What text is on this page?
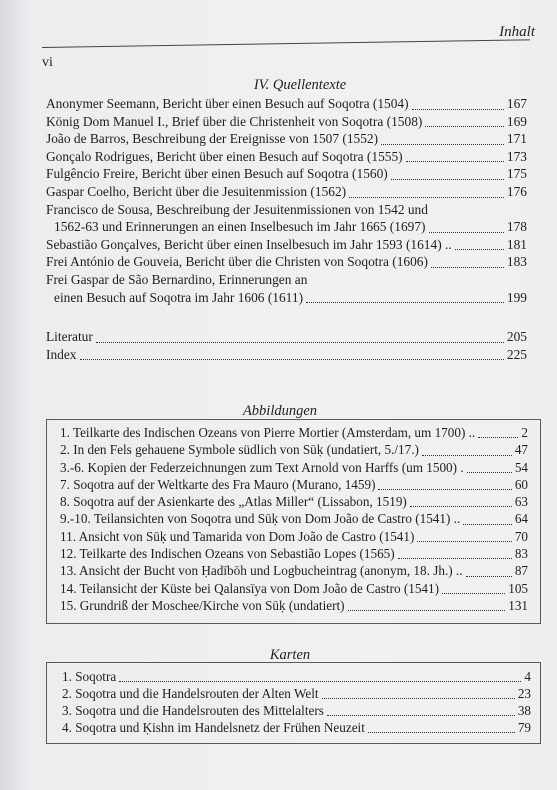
Inhalt
vi
IV. Quellentexte
Anonymer Seemann, Bericht über einen Besuch auf Soqotra (1504)	167
König Dom Manuel I., Brief über die Christenheit von Soqotra (1508)	169
João de Barros, Beschreibung der Ereignisse von 1507 (1552)	171
Gonçalo Rodrigues, Bericht über einen Besuch auf Soqotra (1555)	173
Fulgêncio Freire, Bericht über einen Besuch auf Soqotra (1560)	175
Gaspar Coelho, Bericht über die Jesuitenmission (1562)	176
Francisco de Sousa, Beschreibung der Jesuitenmissionen von 1542 und
1562-63 und Erinnerungen an einen Inselbesuch im Jahr 1665 (1697)	178
Sebastião Gonçalves, Bericht über einen Inselbesuch im Jahr 1593 (1614) ..	181
Frei António de Gouveia, Bericht über die Christen von Soqotra (1606)	183
Frei Gaspar de São Bernardino, Erinnerungen an
einen Besuch auf Soqotra im Jahr 1606 (1611)	199
Literatur	205
Index	225
Abbildungen
1. Teilkarte des Indischen Ozeans von Pierre Mortier (Amsterdam, um 1700) ..	2
2. In den Fels gehauene Symbole südlich von Sūḳ (undatiert, 5./17.)	47
3.-6. Kopien der Federzeichnungen zum Text Arnold von Harffs (um 1500) .	54
7. Soqotra auf der Weltkarte des Fra Mauro (Murano, 1459)	60
8. Soqotra auf der Asienkarte des „Atlas Miller“ (Lissabon, 1519)	63
9.-10. Teilansichten von Soqotra und Sūḳ von Dom João de Castro (1541) ..	64
11. Ansicht von Sūḳ und Tamarida von Dom João de Castro (1541)	70
12. Teilkarte des Indischen Ozeans von Sebastião Lopes (1565)	83
13. Ansicht der Bucht von Ḥadībōh und Logbucheintrag (anonym, 18. Jh.) ..	87
14. Teilansicht der Küste bei Qalansīya von Dom João de Castro (1541)	105
15. Grundriß der Moschee/Kirche von Sūḳ (undatiert)	131
Karten
1. Soqotra	4
2. Soqotra und die Handelsrouten der Alten Welt	23
3. Soqotra und die Handelsrouten des Mittelalters	38
4. Soqotra und Ḳishn im Handelsnetz der Frühen Neuzeit	79
